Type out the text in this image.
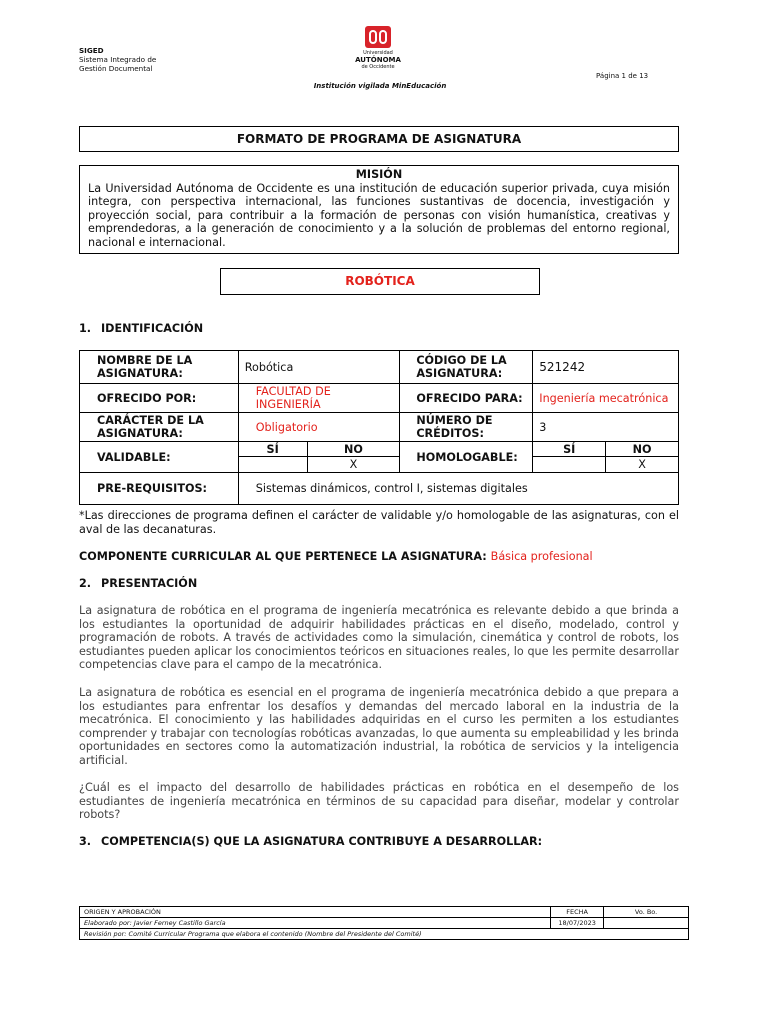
SIGED
Sistema Integrado de
Gestión Documental
Universidad
AUTÓNOMA
de Occidente
Institución vigilada MinEducación
Página 1 de 13
FORMATO DE PROGRAMA DE ASIGNATURA
MISIÓN
La Universidad Autónoma de Occidente es una institución de educación superior privada, cuya misión integra, con perspectiva internacional, las funciones sustantivas de docencia, investigación y proyección social, para contribuir a la formación de personas con visión humanística, creativas y emprendedoras, a la generación de conocimiento y a la solución de problemas del entorno regional, nacional e internacional.
ROBÓTICA
1. IDENTIFICACIÓN
NOMBRE DE LA ASIGNATURA:	Robótica		CÓDIGO DE LA ASIGNATURA:	521242	
OFRECIDO POR:	FACULTAD DE INGENIERÍA		OFRECIDO PARA:	Ingeniería mecatrónica	
CARÁCTER DE LA ASIGNATURA:	Obligatorio		NÚMERO DE CRÉDITOS:	3	
VALIDABLE:	SÍ	NO	HOMOLOGABLE:	SÍ	NO
		X			X
PRE-REQUISITOS:	Sistemas dinámicos, control I, sistemas digitales				
*Las direcciones de programa definen el carácter de validable y/o homologable de las asignaturas, con el aval de las decanaturas.
COMPONENTE CURRICULAR AL QUE PERTENECE LA ASIGNATURA: Básica profesional
2. PRESENTACIÓN
La asignatura de robótica en el programa de ingeniería mecatrónica es relevante debido a que brinda a los estudiantes la oportunidad de adquirir habilidades prácticas en el diseño, modelado, control y programación de robots. A través de actividades como la simulación, cinemática y control de robots, los estudiantes pueden aplicar los conocimientos teóricos en situaciones reales, lo que les permite desarrollar competencias clave para el campo de la mecatrónica.
La asignatura de robótica es esencial en el programa de ingeniería mecatrónica debido a que prepara a los estudiantes para enfrentar los desafíos y demandas del mercado laboral en la industria de la mecatrónica. El conocimiento y las habilidades adquiridas en el curso les permiten a los estudiantes comprender y trabajar con tecnologías robóticas avanzadas, lo que aumenta su empleabilidad y les brinda oportunidades en sectores como la automatización industrial, la robótica de servicios y la inteligencia artificial.
¿Cuál es el impacto del desarrollo de habilidades prácticas en robótica en el desempeño de los estudiantes de ingeniería mecatrónica en términos de su capacidad para diseñar, modelar y controlar robots?
3. COMPETENCIA(S) QUE LA ASIGNATURA CONTRIBUYE A DESARROLLAR:
ORIGEN Y APROBACIÓN	FECHA	Vo. Bo.
Elaborado por: Javier Ferney Castillo García	18/07/2023	
Revisión por: Comité Curricular Programa que elabora el contenido (Nombre del Presidente del Comité)		
